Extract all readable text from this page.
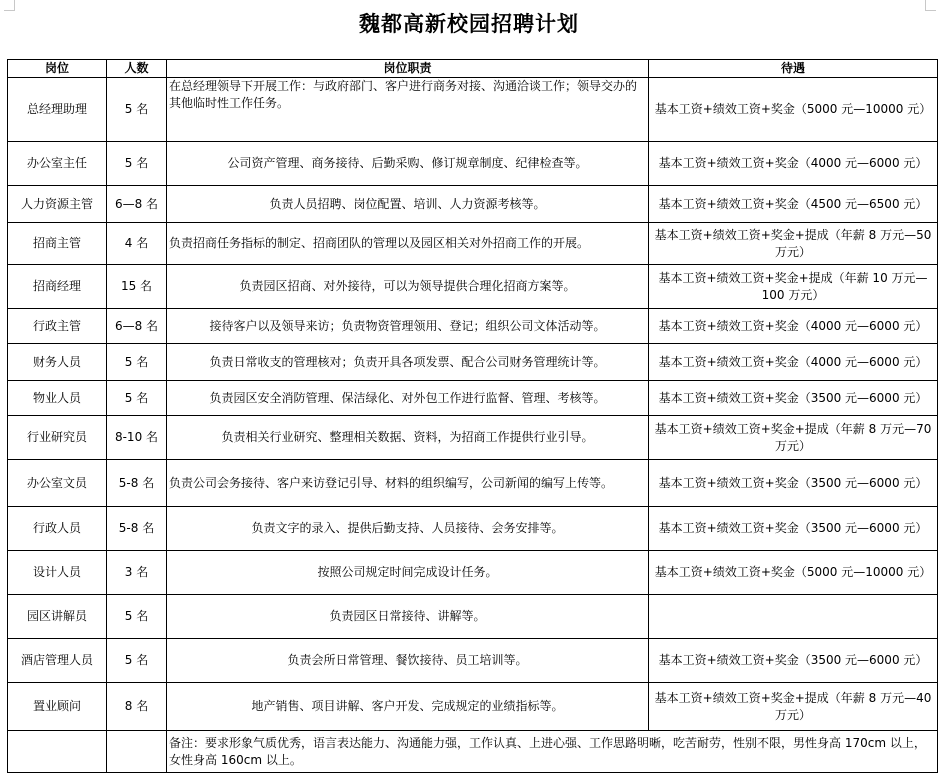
魏都高新校园招聘计划
岗位	人数	岗位职责	待遇
总经理助理	5 名	在总经理领导下开展工作：与政府部门、客户进行商务对接、沟通洽谈工作；领导交办的其他临时性工作任务。	基本工资+绩效工资+奖金（5000 元—10000 元）
办公室主任	5 名	公司资产管理、商务接待、后勤采购、修订规章制度、纪律检查等。	基本工资+绩效工资+奖金（4000 元—6000 元）
人力资源主管	6—8 名	负责人员招聘、岗位配置、培训、人力资源考核等。	基本工资+绩效工资+奖金（4500 元—6500 元）
招商主管	4 名	负责招商任务指标的制定、招商团队的管理以及园区相关对外招商工作的开展。	基本工资+绩效工资+奖金+提成（年薪 8 万元—50 万元）
招商经理	15 名	负责园区招商、对外接待，可以为领导提供合理化招商方案等。	基本工资+绩效工资+奖金+提成（年薪 10 万元—100 万元）
行政主管	6—8 名	接待客户以及领导来访；负责物资管理领用、登记；组织公司文体活动等。	基本工资+绩效工资+奖金（4000 元—6000 元）
财务人员	5 名	负责日常收支的管理核对；负责开具各项发票、配合公司财务管理统计等。	基本工资+绩效工资+奖金（4000 元—6000 元）
物业人员	5 名	负责园区安全消防管理、保洁绿化、对外包工作进行监督、管理、考核等。	基本工资+绩效工资+奖金（3500 元—6000 元）
行业研究员	8-10 名	负责相关行业研究、整理相关数据、资料，为招商工作提供行业引导。	基本工资+绩效工资+奖金+提成（年薪 8 万元—70 万元）
办公室文员	5-8 名	负责公司会务接待、客户来访登记引导、材料的组织编写，公司新闻的编写上传等。	基本工资+绩效工资+奖金（3500 元—6000 元）
行政人员	5-8 名	负责文字的录入、提供后勤支持、人员接待、会务安排等。	基本工资+绩效工资+奖金（3500 元—6000 元）
设计人员	3 名	按照公司规定时间完成设计任务。	基本工资+绩效工资+奖金（5000 元—10000 元）
园区讲解员	5 名	负责园区日常接待、讲解等。	
酒店管理人员	5 名	负责会所日常管理、餐饮接待、员工培训等。	基本工资+绩效工资+奖金（3500 元—6000 元）
置业顾问	8 名	地产销售、项目讲解、客户开发、完成规定的业绩指标等。	基本工资+绩效工资+奖金+提成（年薪 8 万元—40 万元）
		备注：要求形象气质优秀，语言表达能力、沟通能力强，工作认真、上进心强、工作思路明晰，吃苦耐劳，性别不限，男性身高 170cm 以上，女性身高 160cm 以上。	
